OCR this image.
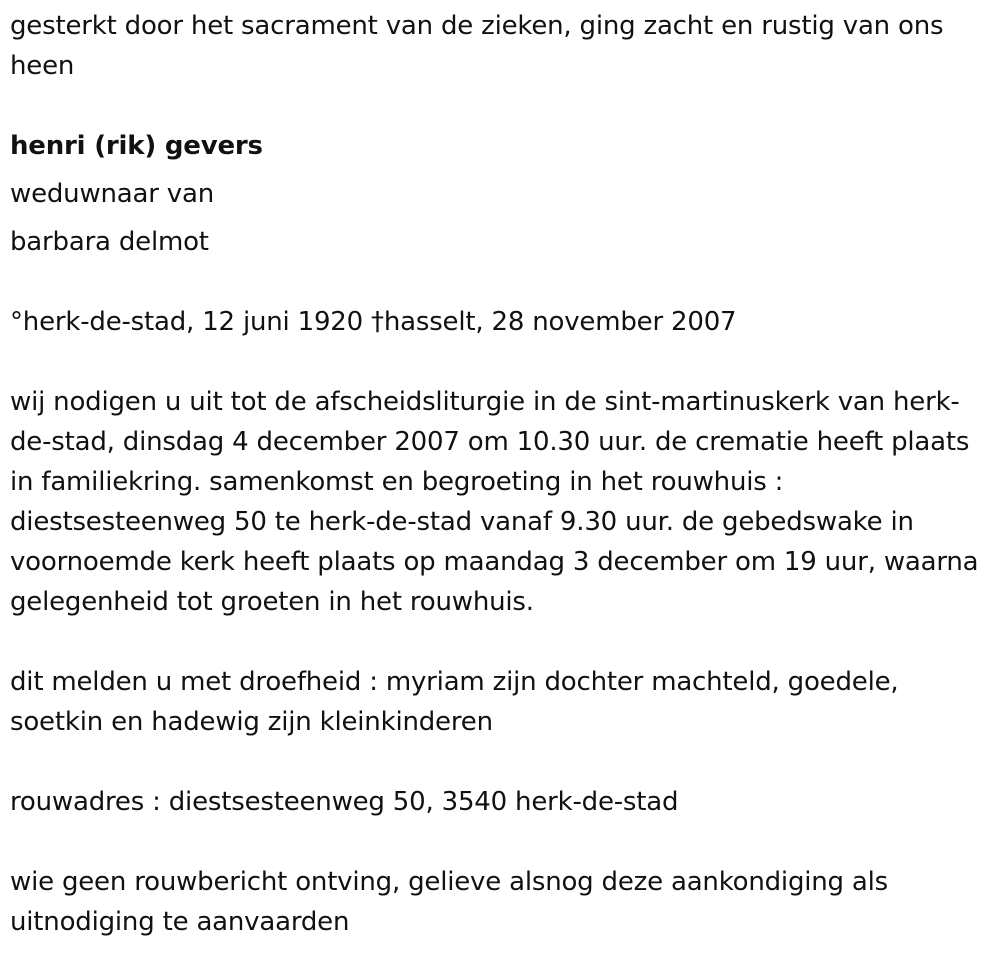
gesterkt door het sacrament van de zieken, ging zacht en rustig van ons heen
henri (rik) gevers
weduwnaar van
barbara delmot
°herk-de-stad, 12 juni 1920 †hasselt, 28 november 2007
wij nodigen u uit tot de afscheidsliturgie in de sint-martinuskerk van herk-de-stad, dinsdag 4 december 2007 om 10.30 uur. de crematie heeft plaats in familiekring. samenkomst en begroeting in het rouwhuis : diestsesteenweg 50 te herk-de-stad vanaf 9.30 uur. de gebedswake in voornoemde kerk heeft plaats op maandag 3 december om 19 uur, waarna gelegenheid tot groeten in het rouwhuis.
dit melden u met droefheid : myriam zijn dochter machteld, goedele, soetkin en hadewig zijn kleinkinderen
rouwadres : diestsesteenweg 50, 3540 herk-de-stad
wie geen rouwbericht ontving, gelieve alsnog deze aankondiging als uitnodiging te aanvaarden
